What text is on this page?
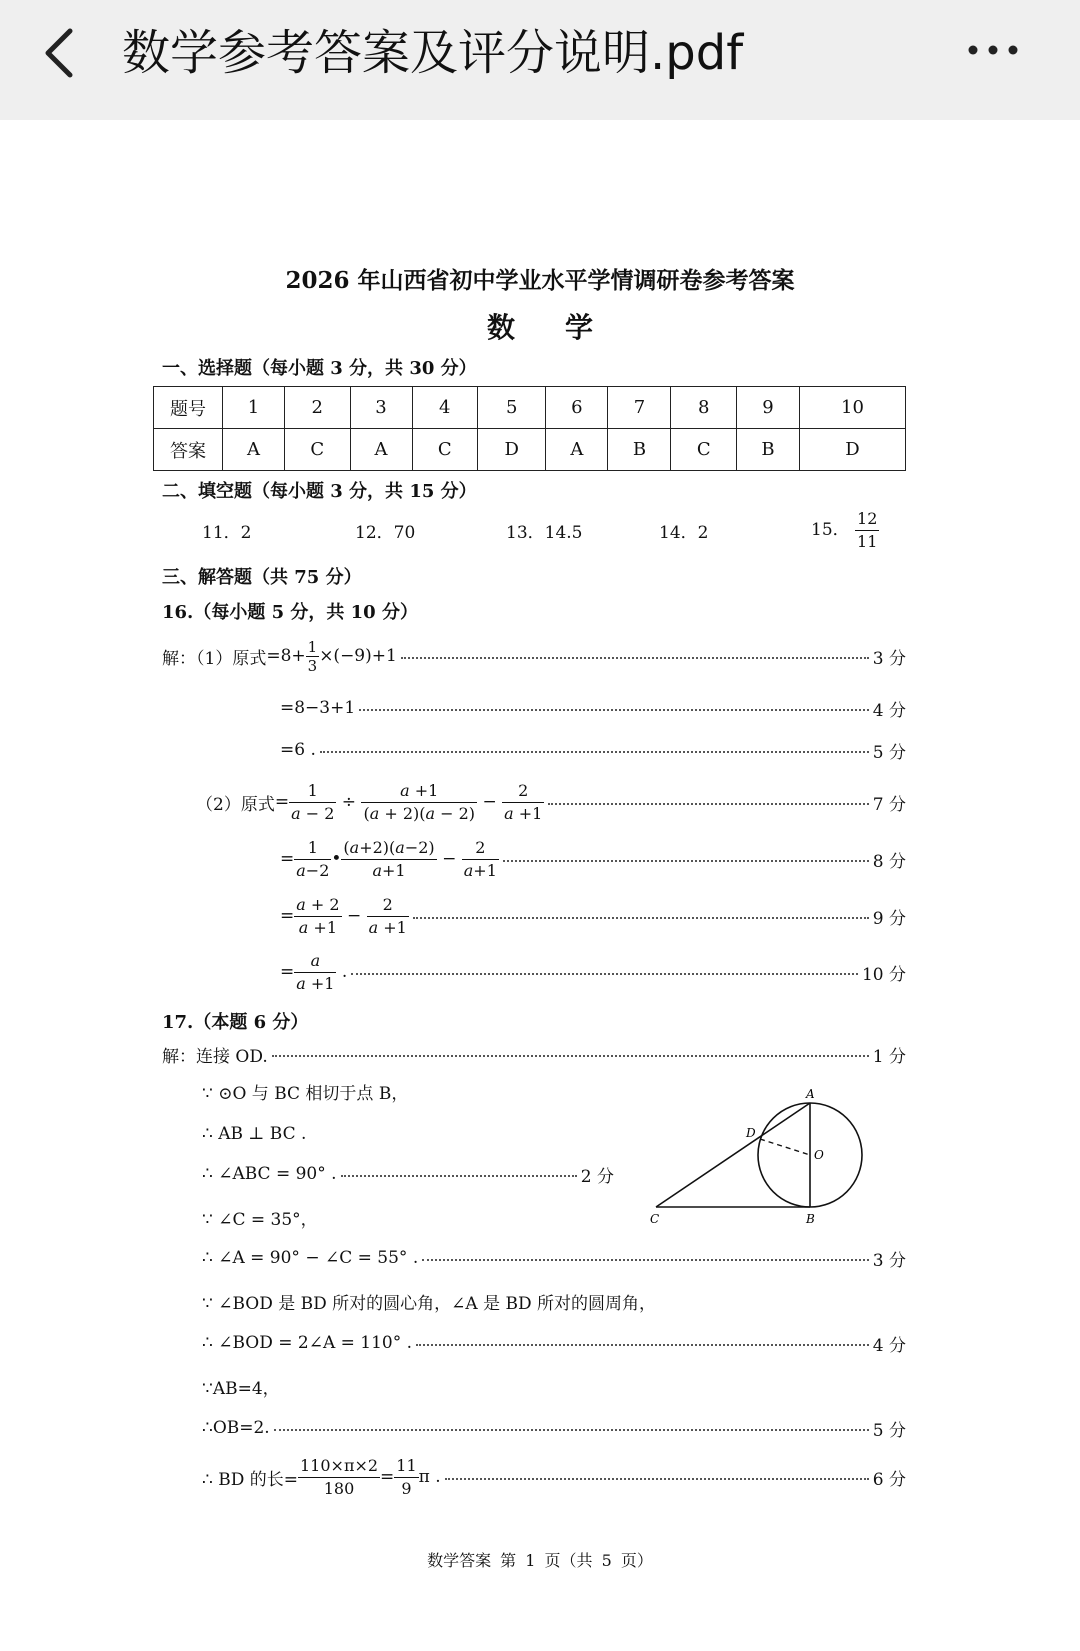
数学参考答案及评分说明.pdf
2026 年山西省初中学业水平学情调研卷参考答案
数学
一、选择题（每小题 3 分，共 30 分）
题号	1	2	3	4	5	6	7	8	9	10
答案	A	C	A	C	D	A	B	C	B	D
二、填空题（每小题 3 分，共 15 分）
11．2	12．70	13．14.5	14．2	15． $\frac{12}{11}$
三、解答题（共 75 分）
16.（每小题 5 分，共 10 分）
解：（1）原式 $=8+ \frac{1}{3} \times(-9)+1$	3 分
=8−3+1	4 分
=6 .	5 分
（2）原式 = $\frac{1}{a - 2} \div \frac{a +1}{(a + 2)(a - 2)} - \frac{2}{a +1}$	7 分
= $\frac{1}{a-2}$ • $\frac{(a+2)(a-2)}{a+1} - \frac{2}{a+1}$	8 分
= $\frac{a + 2}{a +1} - \frac{2}{a +1}$	9 分
= $\frac{a}{a +1}$ .	10 分
17.（本题 6 分）
解：连接 OD.	1 分
∵ ⊙O 与 BC 相切于点 B，
∴ AB ⊥ BC .
∴ ∠ABC = 90° .	2 分
∵ ∠C = 35°，
∴ ∠A = 90° − ∠C = 55° .	3 分
∵ ∠BOD 是 BD 所对的圆心角，∠A 是 BD 所对的圆周角，
∴ ∠BOD = 2∠A = 110° .	4 分
∵AB=4，
∴OB=2.	5 分
∴ BD 的长= $\frac{110\times\pi\times 2}{180} = \frac{11}{9}$ π .	6 分
A
D
O
B
C
数学答案 第 1 页（共 5 页）
